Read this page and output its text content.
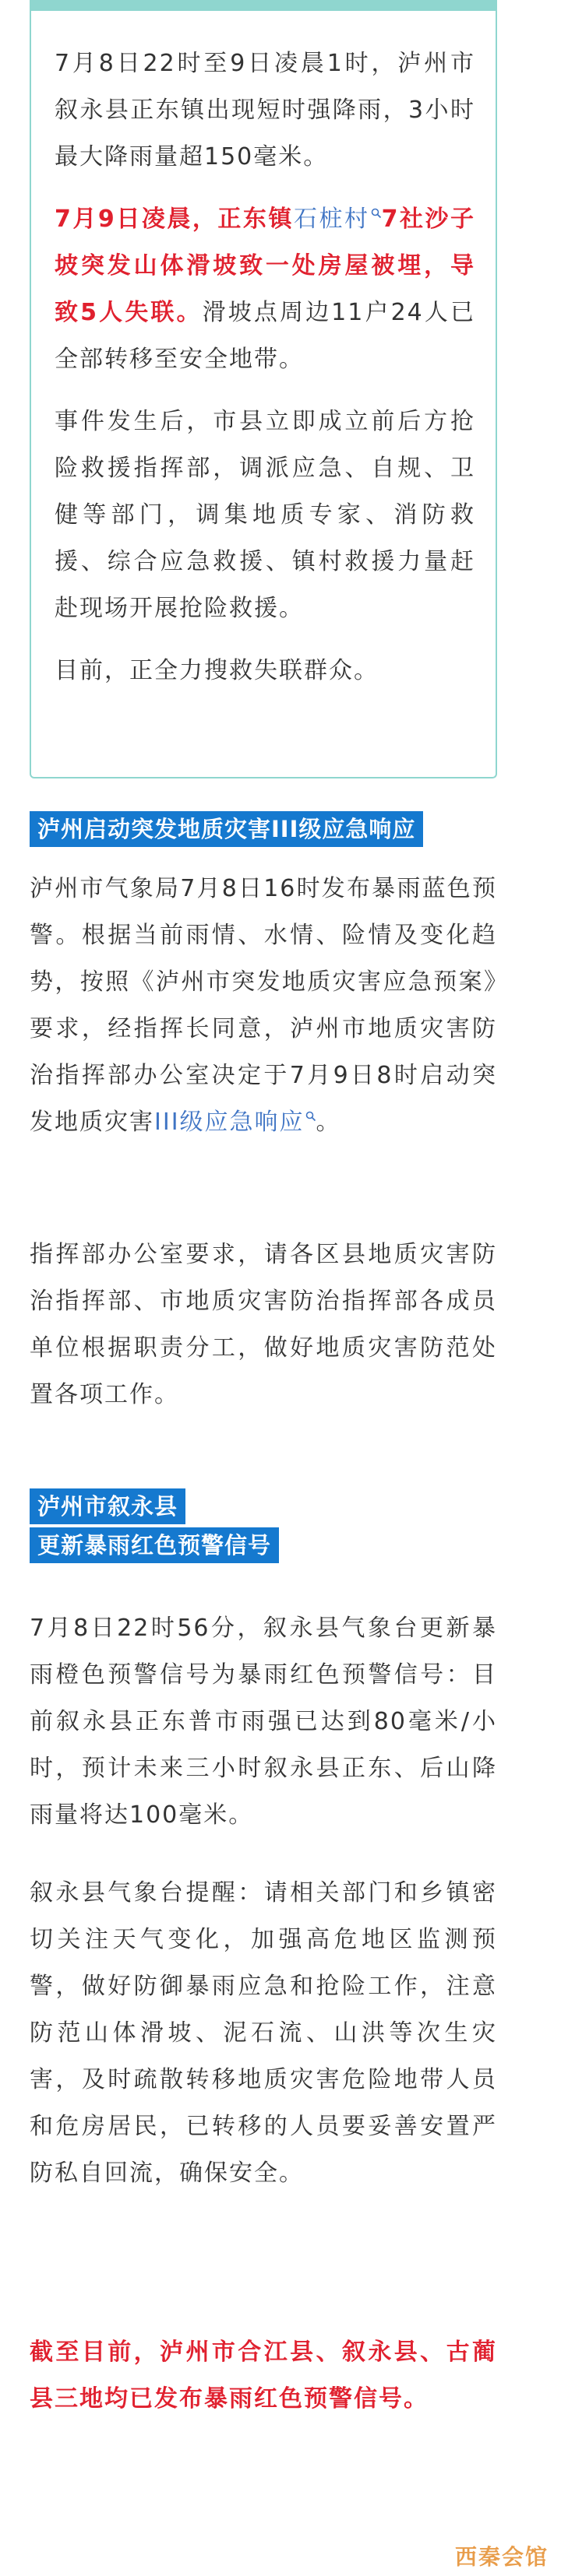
7月8日22时至9日凌晨1时，泸州市叙永县正东镇出现短时强降雨，3小时最大降雨量超150毫米。

7月9日凌晨，正东镇石桩村 7社沙子坡突发山体滑坡致一处房屋被埋，导致5人失联。滑坡点周边11户24人已全部转移至安全地带。

事件发生后，市县立即成立前后方抢险救援指挥部，调派应急、自规、卫健等部门，调集地质专家、消防救援、综合应急救援、镇村救援力量赶赴现场开展抢险救援。

目前，正全力搜救失联群众。

泸州启动突发地质灾害III级应急响应

泸州市气象局7月8日16时发布暴雨蓝色预警。根据当前雨情、水情、险情及变化趋势，按照《泸州市突发地质灾害应急预案》要求，经指挥长同意，泸州市地质灾害防治指挥部办公室决定于7月9日8时启动突发地质灾害III级应急响应 。

指挥部办公室要求，请各区县地质灾害防治指挥部、市地质灾害防治指挥部各成员单位根据职责分工，做好地质灾害防范处置各项工作。

泸州市叙永县
更新暴雨红色预警信号

7月8日22时56分，叙永县气象台更新暴雨橙色预警信号为暴雨红色预警信号：目前叙永县正东普市雨强已达到80毫米/小时，预计未来三小时叙永县正东、后山降雨量将达100毫米。

叙永县气象台提醒：请相关部门和乡镇密切关注天气变化，加强高危地区监测预警，做好防御暴雨应急和抢险工作，注意防范山体滑坡、泥石流、山洪等次生灾害，及时疏散转移地质灾害危险地带人员和危房居民，已转移的人员要妥善安置严防私自回流，确保安全。

截至目前，泸州市合江县、叙永县、古蔺县三地均已发布暴雨红色预警信号。

西秦会馆
